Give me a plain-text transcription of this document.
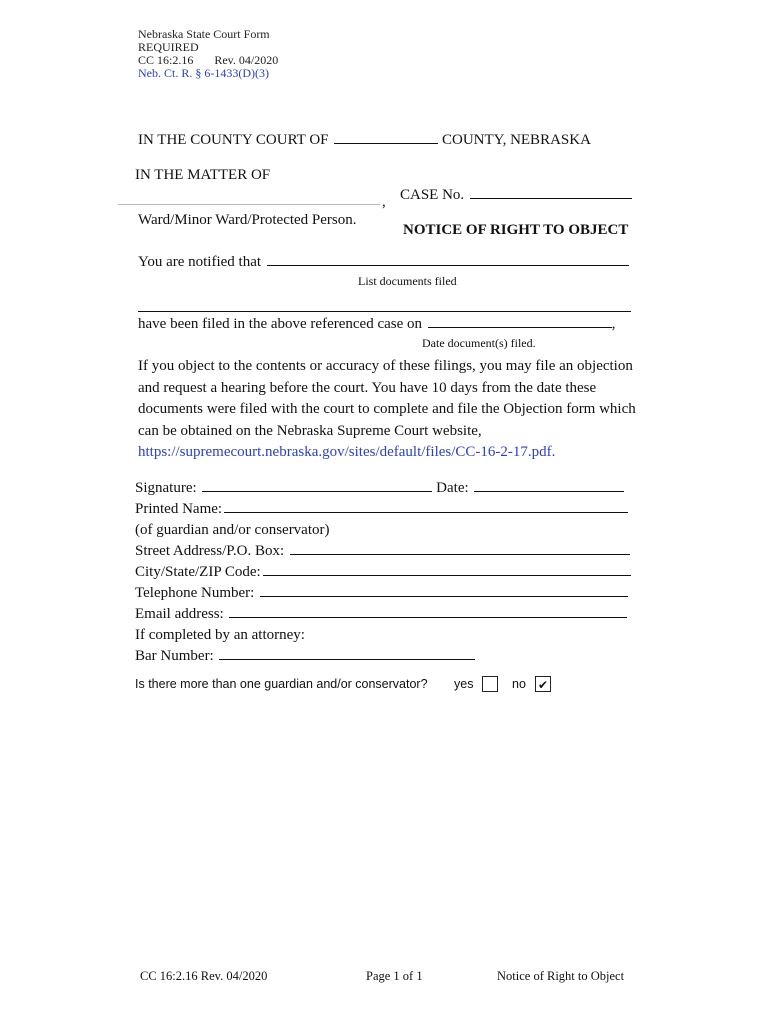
Nebraska State Court Form
REQUIRED
CC 16:2.16 Rev. 04/2020
Neb. Ct. R. § 6-1433(D)(3)
IN THE COUNTY COURT OF	COUNTY, NEBRASKA
IN THE MATTER OF
, CASE No.
Ward/Minor Ward/Protected Person.
NOTICE OF RIGHT TO OBJECT
You are notified that
List documents filed
have been filed in the above referenced case on	,
Date document(s) filed.
If you object to the contents or accuracy of these filings, you may file an objection and request a hearing before the court. You have 10 days from the date these documents were filed with the court to complete and file the Objection form which can be obtained on the Nebraska Supreme Court website,
https://supremecourt.nebraska.gov/sites/default/files/CC-16-2-17.pdf.
Signature:	Date:
Printed Name:
(of guardian and/or conservator)
Street Address/P.O. Box:
City/State/ZIP Code:
Telephone Number:
Email address:
If completed by an attorney:
Bar Number:
Is there more than one guardian and/or conservator? yes	no ✔
CC 16:2.16 Rev. 04/2020	Page 1 of 1	Notice of Right to Object
